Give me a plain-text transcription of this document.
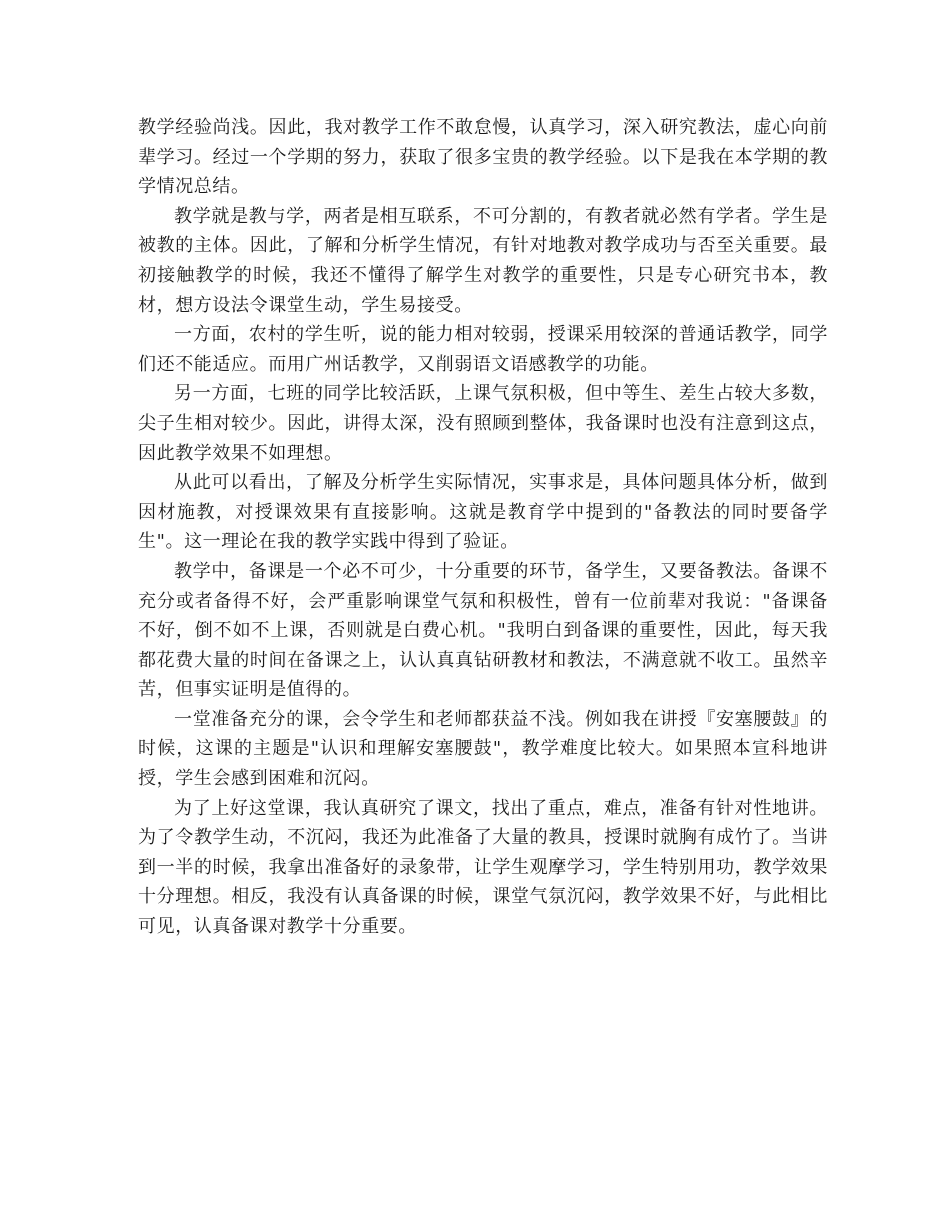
教学经验尚浅。因此，我对教学工作不敢怠慢，认真学习，深入研究教法，虚心向前辈学习。经过一个学期的努力，获取了很多宝贵的教学经验。以下是我在本学期的教学情况总结。

教学就是教与学，两者是相互联系，不可分割的，有教者就必然有学者。学生是被教的主体。因此，了解和分析学生情况，有针对地教对教学成功与否至关重要。最初接触教学的时候，我还不懂得了解学生对教学的重要性，只是专心研究书本，教材，想方设法令课堂生动，学生易接受。

一方面，农村的学生听，说的能力相对较弱，授课采用较深的普通话教学，同学们还不能适应。而用广州话教学，又削弱语文语感教学的功能。

另一方面，七班的同学比较活跃，上课气氛积极，但中等生、差生占较大多数，尖子生相对较少。因此，讲得太深，没有照顾到整体，我备课时也没有注意到这点，因此教学效果不如理想。

从此可以看出，了解及分析学生实际情况，实事求是，具体问题具体分析，做到因材施教，对授课效果有直接影响。这就是教育学中提到的"备教法的同时要备学生"。这一理论在我的教学实践中得到了验证。

教学中，备课是一个必不可少，十分重要的环节，备学生，又要备教法。备课不充分或者备得不好，会严重影响课堂气氛和积极性，曾有一位前辈对我说："备课备不好，倒不如不上课，否则就是白费心机。"我明白到备课的重要性，因此，每天我都花费大量的时间在备课之上，认认真真钻研教材和教法，不满意就不收工。虽然辛苦，但事实证明是值得的。

一堂准备充分的课，会令学生和老师都获益不浅。例如我在讲授『安塞腰鼓』的时候，这课的主题是"认识和理解安塞腰鼓"，教学难度比较大。如果照本宣科地讲授，学生会感到困难和沉闷。

为了上好这堂课，我认真研究了课文，找出了重点，难点，准备有针对性地讲。为了令教学生动，不沉闷，我还为此准备了大量的教具，授课时就胸有成竹了。当讲到一半的时候，我拿出准备好的录象带，让学生观摩学习，学生特别用功，教学效果十分理想。相反，我没有认真备课的时候，课堂气氛沉闷，教学效果不好，与此相比可见，认真备课对教学十分重要。
